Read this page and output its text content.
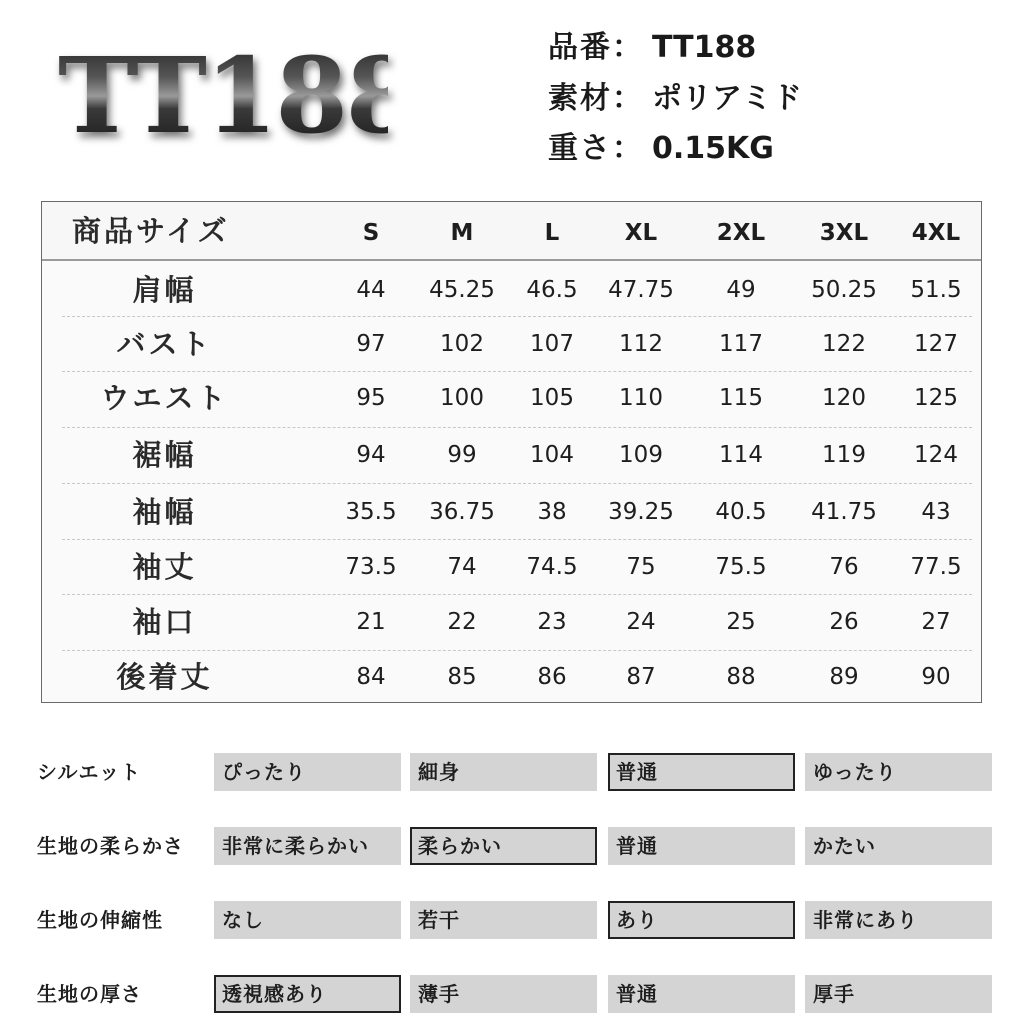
TT188	品番： TT188
素材： ポリアミド
重さ： 0.15KG
商品サイズ	S	M	L	XL	2XL	3XL	4XL
肩幅	44	45.25	46.5	47.75	49	50.25	51.5
バスト	97	102	107	112	117	122	127
ウエスト	95	100	105	110	115	120	125
裾幅	94	99	104	109	114	119	124
袖幅	35.5	36.75	38	39.25	40.5	41.75	43
袖丈	73.5	74	74.5	75	75.5	76	77.5
袖口	21	22	23	24	25	26	27
後着丈	84	85	86	87	88	89	90
シルエット	ぴったり	細身	普通	ゆったり
生地の柔らかさ	非常に柔らかい	柔らかい	普通	かたい
生地の伸縮性	なし	若干	あり	非常にあり
生地の厚さ	透視感あり	薄手	普通	厚手
